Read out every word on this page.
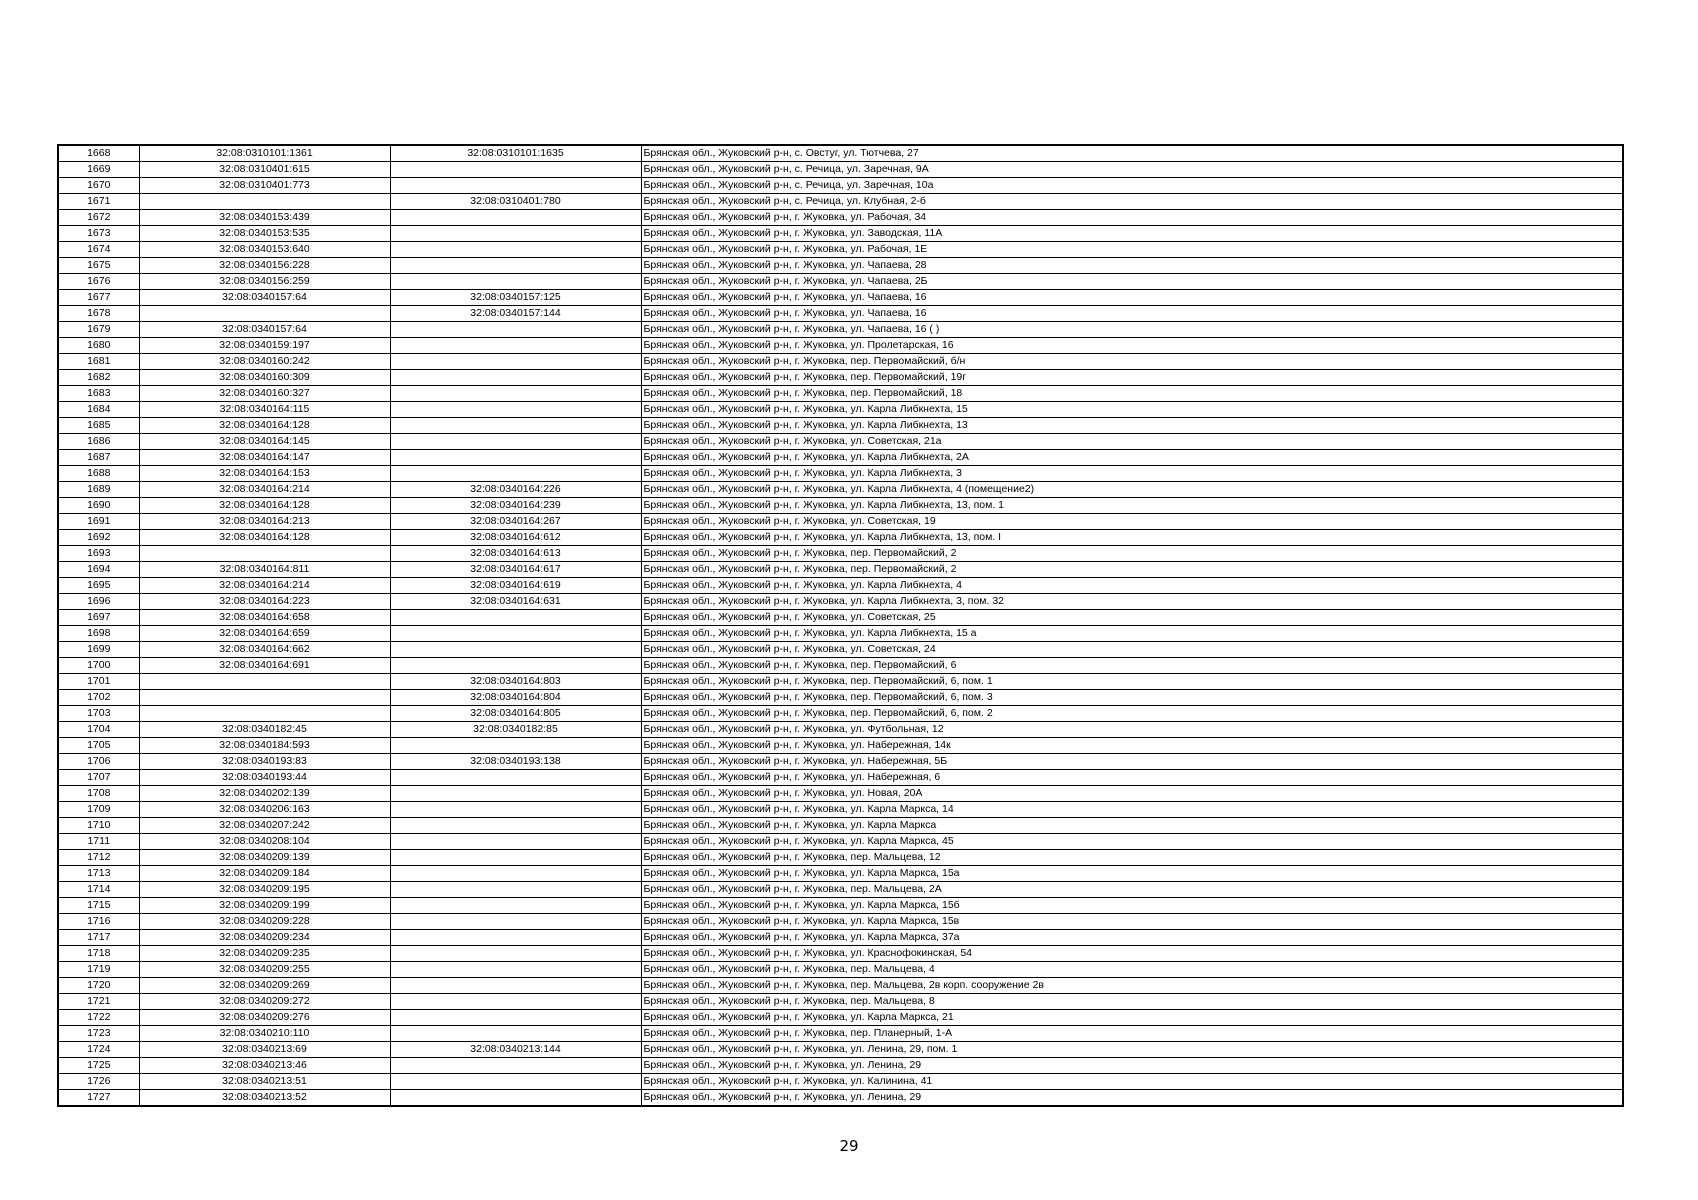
1668	32:08:0310101:1361	32:08:0310101:1635	Брянская обл., Жуковский р-н, с. Овстуг, ул. Тютчева, 27
1669	32:08:0310401:615		Брянская обл., Жуковский р-н, с. Речица, ул. Заречная, 9А
1670	32:08:0310401:773		Брянская обл., Жуковский р-н, с. Речица, ул. Заречная, 10а
1671		32:08:0310401:780	Брянская обл., Жуковский р-н, с. Речица, ул. Клубная, 2-б
1672	32:08:0340153:439		Брянская обл., Жуковский р-н, г. Жуковка, ул. Рабочая, 34
1673	32:08:0340153:535		Брянская обл., Жуковский р-н, г. Жуковка, ул. Заводская, 11А
1674	32:08:0340153:640		Брянская обл., Жуковский р-н, г. Жуковка, ул. Рабочая, 1Е
1675	32:08:0340156:228		Брянская обл., Жуковский р-н, г. Жуковка, ул. Чапаева, 28
1676	32:08:0340156:259		Брянская обл., Жуковский р-н, г. Жуковка, ул. Чапаева, 2Б
1677	32:08:0340157:64	32:08:0340157:125	Брянская обл., Жуковский р-н, г. Жуковка, ул. Чапаева, 16
1678		32:08:0340157:144	Брянская обл., Жуковский р-н, г. Жуковка, ул. Чапаева, 16
1679	32:08:0340157:64		Брянская обл., Жуковский р-н, г. Жуковка, ул. Чапаева, 16 ( )
1680	32:08:0340159:197		Брянская обл., Жуковский р-н, г. Жуковка, ул. Пролетарская, 16
1681	32:08:0340160:242		Брянская обл., Жуковский р-н, г. Жуковка, пер. Первомайский, б/н
1682	32:08:0340160:309		Брянская обл., Жуковский р-н, г. Жуковка, пер. Первомайский, 19г
1683	32:08:0340160:327		Брянская обл., Жуковский р-н, г. Жуковка, пер. Первомайский, 18
1684	32:08:0340164:115		Брянская обл., Жуковский р-н, г. Жуковка, ул. Карла Либкнехта, 15
1685	32:08:0340164:128		Брянская обл., Жуковский р-н, г. Жуковка, ул. Карла Либкнехта, 13
1686	32:08:0340164:145		Брянская обл., Жуковский р-н, г. Жуковка, ул. Советская, 21а
1687	32:08:0340164:147		Брянская обл., Жуковский р-н, г. Жуковка, ул. Карла Либкнехта, 2А
1688	32:08:0340164:153		Брянская обл., Жуковский р-н, г. Жуковка, ул. Карла Либкнехта, 3
1689	32:08:0340164:214	32:08:0340164:226	Брянская обл., Жуковский р-н, г. Жуковка, ул. Карла Либкнехта, 4 (помещение2)
1690	32:08:0340164:128	32:08:0340164:239	Брянская обл., Жуковский р-н, г. Жуковка, ул. Карла Либкнехта, 13, пом. 1
1691	32:08:0340164:213	32:08:0340164:267	Брянская обл., Жуковский р-н, г. Жуковка, ул. Советская, 19
1692	32:08:0340164:128	32:08:0340164:612	Брянская обл., Жуковский р-н, г. Жуковка, ул. Карла Либкнехта, 13, пом. I
1693		32:08:0340164:613	Брянская обл., Жуковский р-н, г. Жуковка, пер. Первомайский, 2
1694	32:08:0340164:811	32:08:0340164:617	Брянская обл., Жуковский р-н, г. Жуковка, пер. Первомайский, 2
1695	32:08:0340164:214	32:08:0340164:619	Брянская обл., Жуковский р-н, г. Жуковка, ул. Карла Либкнехта, 4
1696	32:08:0340164:223	32:08:0340164:631	Брянская обл., Жуковский р-н, г. Жуковка, ул. Карла Либкнехта, 3, пом. 32
1697	32:08:0340164:658		Брянская обл., Жуковский р-н, г. Жуковка, ул. Советская, 25
1698	32:08:0340164:659		Брянская обл., Жуковский р-н, г. Жуковка, ул. Карла Либкнехта, 15 а
1699	32:08:0340164:662		Брянская обл., Жуковский р-н, г. Жуковка, ул. Советская, 24
1700	32:08:0340164:691		Брянская обл., Жуковский р-н, г. Жуковка, пер. Первомайский, 6
1701		32:08:0340164:803	Брянская обл., Жуковский р-н, г. Жуковка, пер. Первомайский, 6, пом. 1
1702		32:08:0340164:804	Брянская обл., Жуковский р-н, г. Жуковка, пер. Первомайский, 6, пом. 3
1703		32:08:0340164:805	Брянская обл., Жуковский р-н, г. Жуковка, пер. Первомайский, 6, пом. 2
1704	32:08:0340182:45	32:08:0340182:85	Брянская обл., Жуковский р-н, г. Жуковка, ул. Футбольная, 12
1705	32:08:0340184:593		Брянская обл., Жуковский р-н, г. Жуковка, ул. Набережная, 14к
1706	32:08:0340193:83	32:08:0340193:138	Брянская обл., Жуковский р-н, г. Жуковка, ул. Набережная, 5Б
1707	32:08:0340193:44		Брянская обл., Жуковский р-н, г. Жуковка, ул. Набережная, 6
1708	32:08:0340202:139		Брянская обл., Жуковский р-н, г. Жуковка, ул. Новая, 20А
1709	32:08:0340206:163		Брянская обл., Жуковский р-н, г. Жуковка, ул. Карла Маркса, 14
1710	32:08:0340207:242		Брянская обл., Жуковский р-н, г. Жуковка, ул. Карла Маркса
1711	32:08:0340208:104		Брянская обл., Жуковский р-н, г. Жуковка, ул. Карла Маркса, 45
1712	32:08:0340209:139		Брянская обл., Жуковский р-н, г. Жуковка, пер. Мальцева, 12
1713	32:08:0340209:184		Брянская обл., Жуковский р-н, г. Жуковка, ул. Карла Маркса, 15а
1714	32:08:0340209:195		Брянская обл., Жуковский р-н, г. Жуковка, пер. Мальцева, 2А
1715	32:08:0340209:199		Брянская обл., Жуковский р-н, г. Жуковка, ул. Карла Маркса, 15б
1716	32:08:0340209:228		Брянская обл., Жуковский р-н, г. Жуковка, ул. Карла Маркса, 15в
1717	32:08:0340209:234		Брянская обл., Жуковский р-н, г. Жуковка, ул. Карла Маркса, 37а
1718	32:08:0340209:235		Брянская обл., Жуковский р-н, г. Жуковка, ул. Краснофокинская, 54
1719	32:08:0340209:255		Брянская обл., Жуковский р-н, г. Жуковка, пер. Мальцева, 4
1720	32:08:0340209:269		Брянская обл., Жуковский р-н, г. Жуковка, пер. Мальцева, 2в корп. сооружение 2в
1721	32:08:0340209:272		Брянская обл., Жуковский р-н, г. Жуковка, пер. Мальцева, 8
1722	32:08:0340209:276		Брянская обл., Жуковский р-н, г. Жуковка, ул. Карла Маркса, 21
1723	32:08:0340210:110		Брянская обл., Жуковский р-н, г. Жуковка, пер. Планерный, 1-А
1724	32:08:0340213:69	32:08:0340213:144	Брянская обл., Жуковский р-н, г. Жуковка, ул. Ленина, 29, пом. 1
1725	32:08:0340213:46		Брянская обл., Жуковский р-н, г. Жуковка, ул. Ленина, 29
1726	32:08:0340213:51		Брянская обл., Жуковский р-н, г. Жуковка, ул. Калинина, 41
1727	32:08:0340213:52		Брянская обл., Жуковский р-н, г. Жуковка, ул. Ленина, 29
29
